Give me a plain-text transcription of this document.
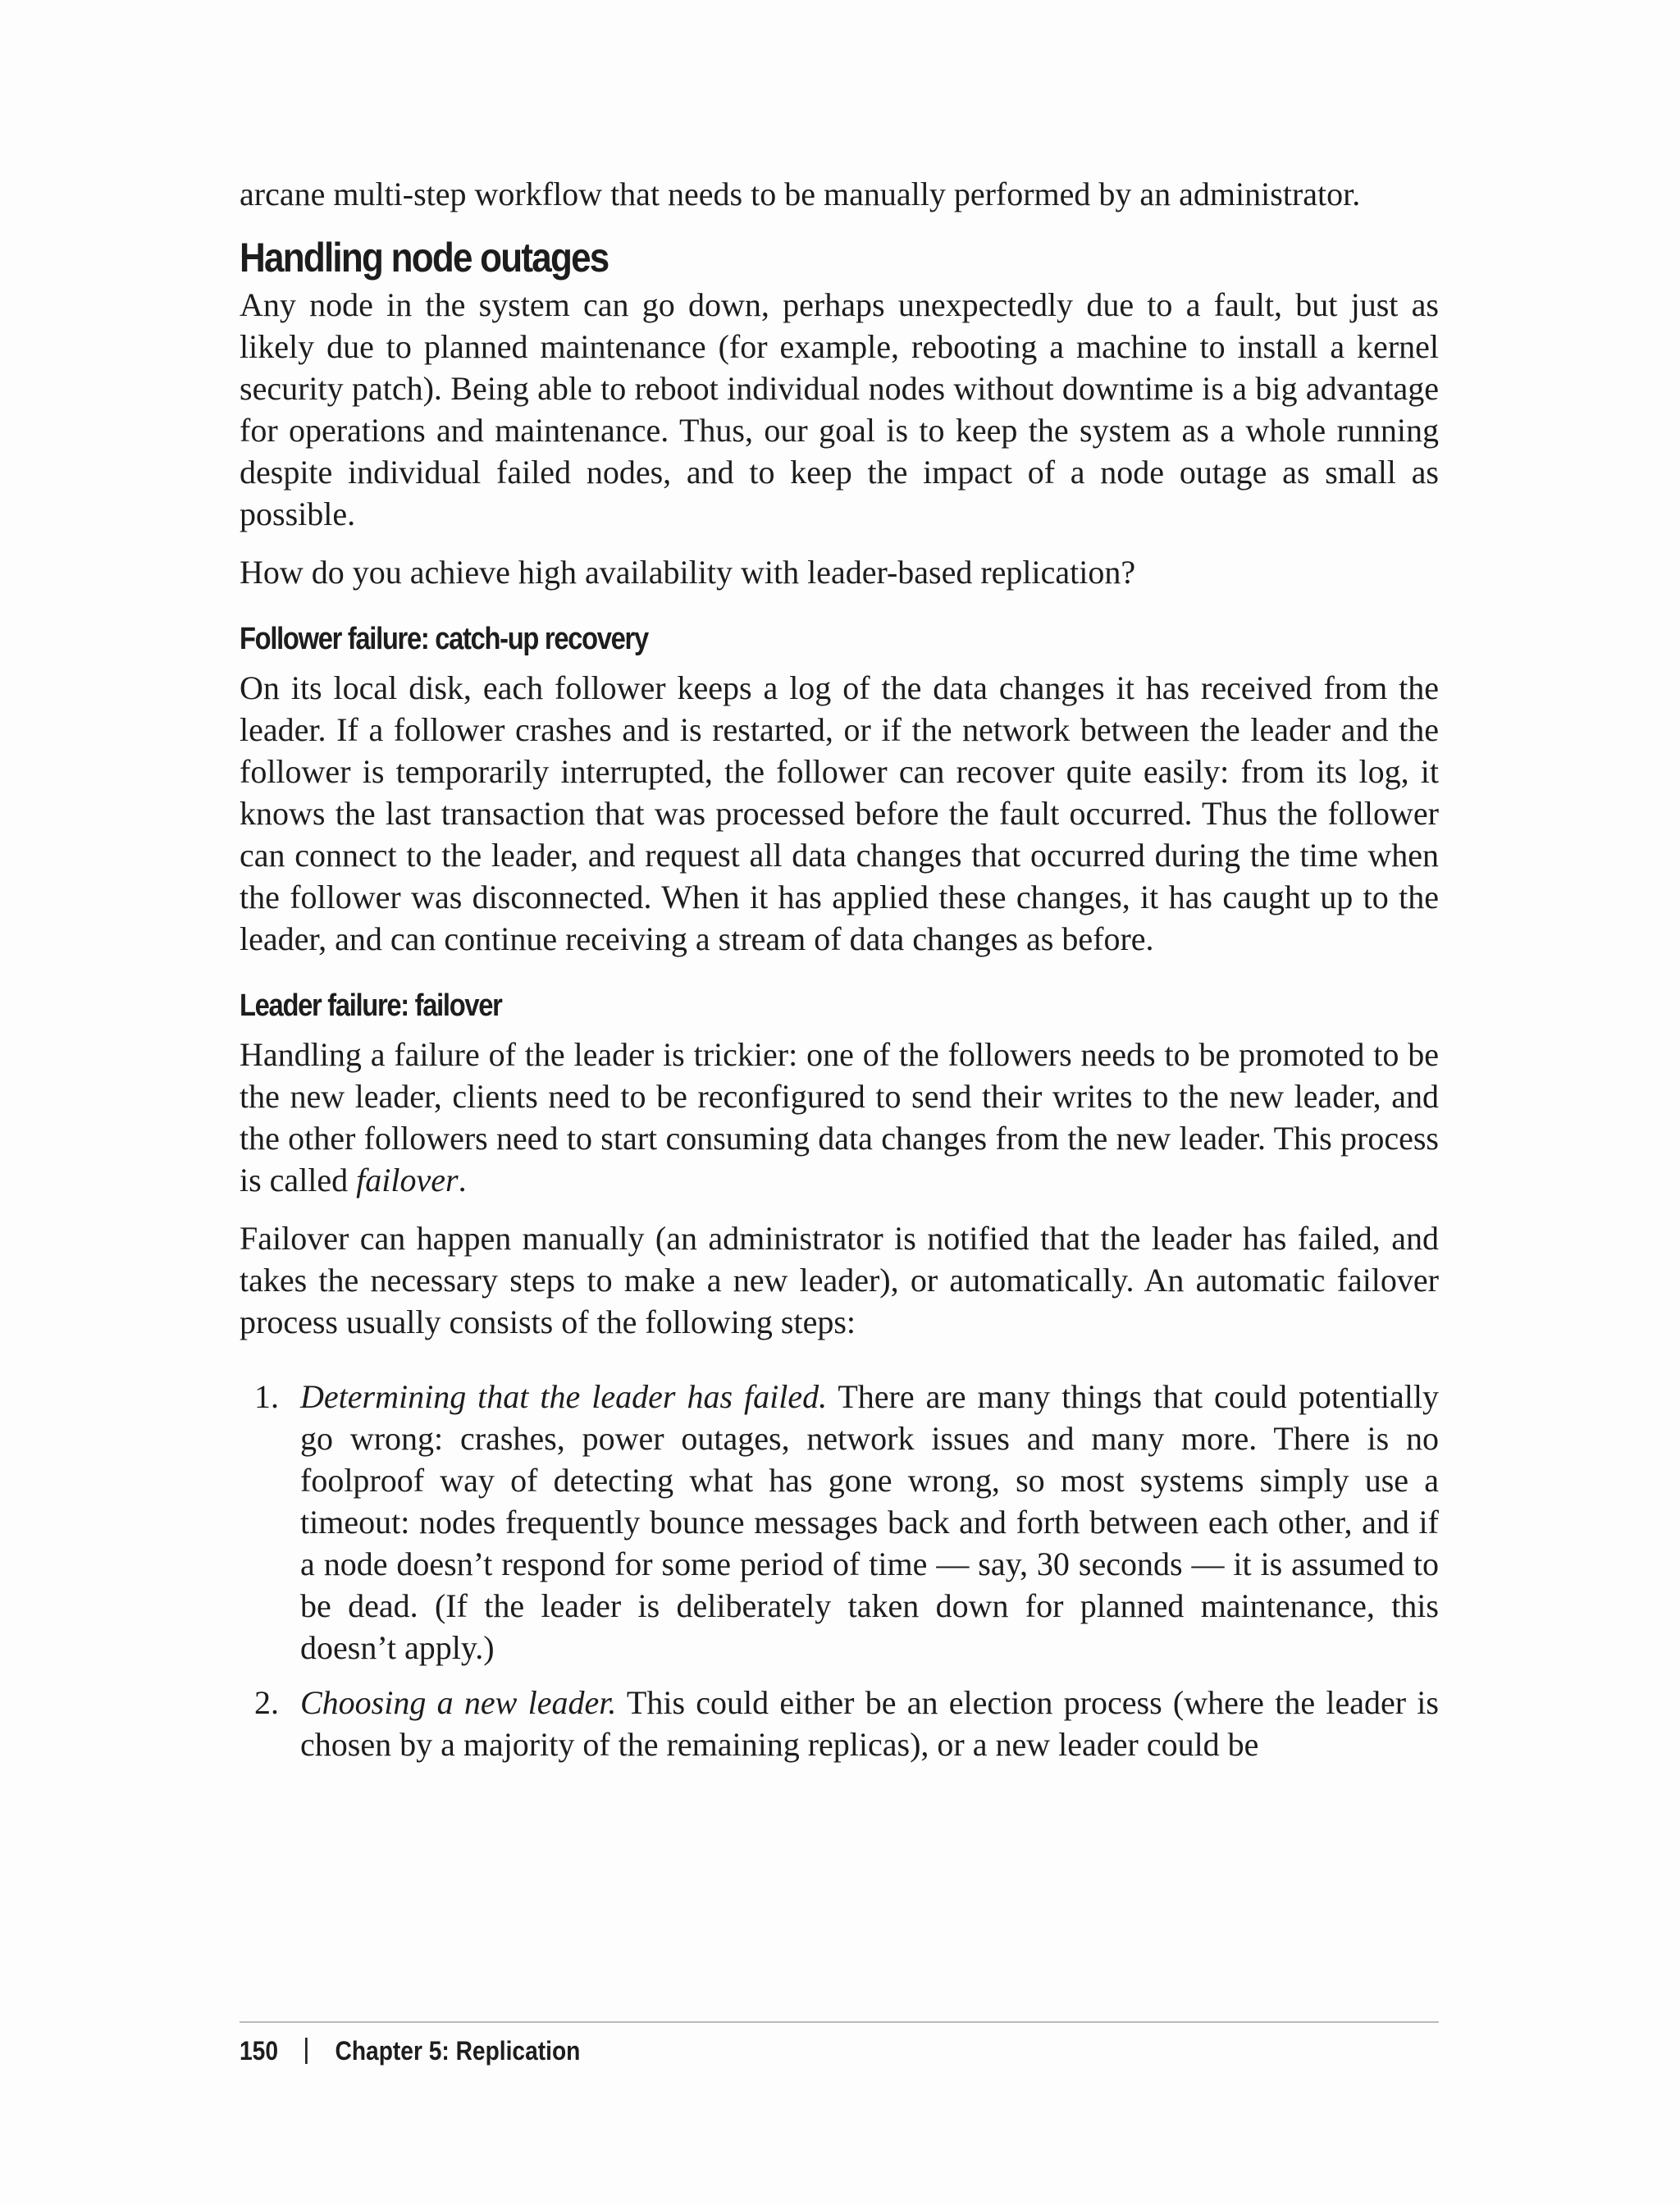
arcane multi-step workflow that needs to be manually performed by an administrator.

Handling node outages

Any node in the system can go down, perhaps unexpectedly due to a fault, but just as likely due to planned maintenance (for example, rebooting a machine to install a kernel security patch). Being able to reboot individual nodes without downtime is a big advantage for operations and maintenance. Thus, our goal is to keep the system as a whole running despite individual failed nodes, and to keep the impact of a node outage as small as possible.

How do you achieve high availability with leader-based replication?

Follower failure: catch-up recovery

On its local disk, each follower keeps a log of the data changes it has received from the leader. If a follower crashes and is restarted, or if the network between the leader and the follower is temporarily interrupted, the follower can recover quite easily: from its log, it knows the last transaction that was processed before the fault occurred. Thus the follower can connect to the leader, and request all data changes that occurred during the time when the follower was disconnected. When it has applied these changes, it has caught up to the leader, and can continue receiving a stream of data changes as before.

Leader failure: failover

Handling a failure of the leader is trickier: one of the followers needs to be promoted to be the new leader, clients need to be reconfigured to send their writes to the new leader, and the other followers need to start consuming data changes from the new leader. This process is called failover.

Failover can happen manually (an administrator is notified that the leader has failed, and takes the necessary steps to make a new leader), or automatically. An automatic failover process usually consists of the following steps:

1. Determining that the leader has failed. There are many things that could potentially go wrong: crashes, power outages, network issues and many more. There is no foolproof way of detecting what has gone wrong, so most systems simply use a timeout: nodes frequently bounce messages back and forth between each other, and if a node doesn’t respond for some period of time — say, 30 seconds — it is assumed to be dead. (If the leader is deliberately taken down for planned maintenance, this doesn’t apply.)
2. Choosing a new leader. This could either be an election process (where the leader is chosen by a majority of the remaining replicas), or a new leader could be
150 Chapter 5: Replication
